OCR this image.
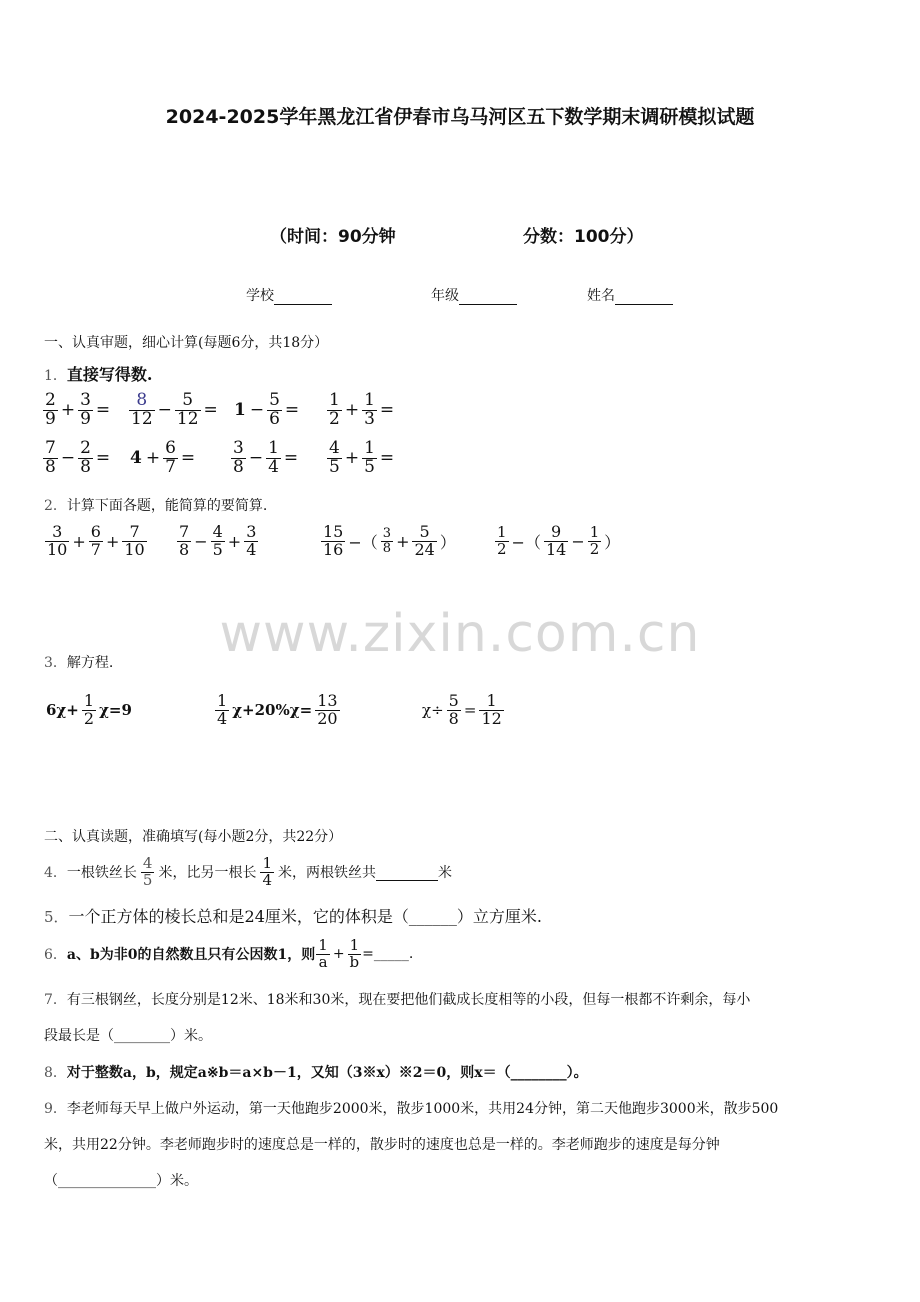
2024-2025学年黑龙江省伊春市乌马河区五下数学期末调研模拟试题
（时间：90分钟	分数：100分）
学校	年级	姓名
一、认真审题，细心计算(每题6分，共18分）
1．直接写得数.
$\frac{2}{9} + \frac{3}{9} = \frac{8}{12} - \frac{5}{12} = 1 - \frac{5}{6} = \frac{1}{2} + \frac{1}{3}$ =
$\frac{7}{8} - \frac{2}{8} = 4 + \frac{6}{7} = \frac{3}{8} - \frac{1}{4} = \frac{4}{5} + \frac{1}{5}$ =
2．计算下面各题，能简算的要简算.
$\frac{3}{10} + \frac{6}{7} + \frac{7}{10} \frac{7}{8} - \frac{4}{5} + \frac{3}{4}$	$\frac{15}{16}$ −（ $\frac{3}{8} + \frac{5}{24}$ ）	$\frac{1}{2}$ −（ $\frac{9}{14} - \frac{1}{2}$ ）
www.zixin.com.cn
3．解方程.
$6\chi+ \frac{1}{2} \chi=9$	$\frac{1}{4} \chi+20\%\chi= \frac{13}{20}$	$\chi\div \frac{5}{8} = \frac{1}{12}$
二、认真读题，准确填写(每小题2分，共22分）
4． 一根铁丝长 $\frac{4}{5}$ 米，比另一根长 $\frac{1}{4}$ 米，两根铁丝共
	米
5．一个正方体的棱长总和是24厘米，它的体积是（______）立方厘米.
6． a、b为非0的自然数且只有公因数1，则 $\frac{1}{a} + \frac{1}{b}$ =_____.
7．有三根钢丝，长度分别是12米、18米和30米，现在要把他们截成长度相等的小段，但每一根都不许剩余，每小
段最长是（________）米。
8．对于整数a，b，规定a※b＝a×b－1，又知（3※x）※2＝0，则x＝（________）。
9．李老师每天早上做户外运动，第一天他跑步2000米，散步1000米，共用24分钟，第二天他跑步3000米，散步500
米，共用22分钟。李老师跑步时的速度总是一样的，散步时的速度也总是一样的。李老师跑步的速度是每分钟
（______________）米。
